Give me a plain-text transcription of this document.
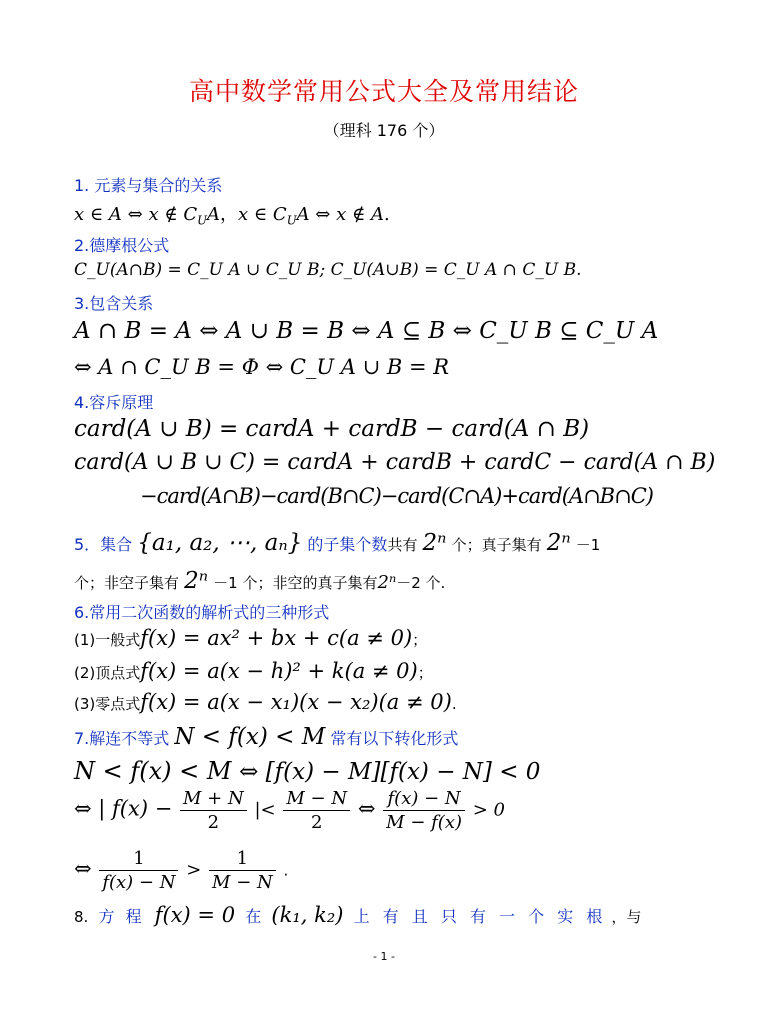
高中数学常用公式大全及常用结论
（理科 176 个）
1. 元素与集合的关系
x ∈ A ⇔ x ∉ $C_UA$，x ∈ $C_UA$ ⇔ x ∉ A.
2.德摩根公式
C_U(A∩B) = C_U A ∪ C_U B; C_U(A∪B) = C_U A ∩ C_U B.
3.包含关系
A ∩ B = A ⇔ A ∪ B = B ⇔ A ⊆ B ⇔ C_U B ⊆ C_U A
⇔ A ∩ C_U B = Φ ⇔ C_U A ∪ B = R
4.容斥原理
card(A ∪ B) = cardA + cardB − card(A ∩ B)
card(A ∪ B ∪ C) = cardA + cardB + cardC − card(A ∩ B)
−card(A∩B)−card(B∩C)−card(C∩A)+card(A∩B∩C)
5．集合 {a₁, a₂, ⋯, aₙ} 的子集个数共有 2ⁿ 个；真子集有 2ⁿ －1
个；非空子集有 2ⁿ －1 个；非空的真子集有2ⁿ－2 个.
6.常用二次函数的解析式的三种形式
(1)一般式f(x) = ax² + bx + c(a ≠ 0)；
(2)顶点式f(x) = a(x − h)² + k(a ≠ 0)；
(3)零点式f(x) = a(x − x₁)(x − x₂)(a ≠ 0).
7.解连不等式 N < f(x) < M 常有以下转化形式
N < f(x) < M ⇔ [f(x) − M][f(x) − N] < 0
⇔ | $f(x) - \frac{M + N}{2}$ |< $\frac{M - N}{2}$ ⇔ $\frac{f(x) - N}{M - f(x)} > 0$
⇔ $\frac{1}{f(x) - N} > \frac{1}{M - N}$ .
8. 方 程 f(x) = 0 在 (k₁, k₂) 上 有 且 只 有 一 个 实 根 ，与
- 1 -
